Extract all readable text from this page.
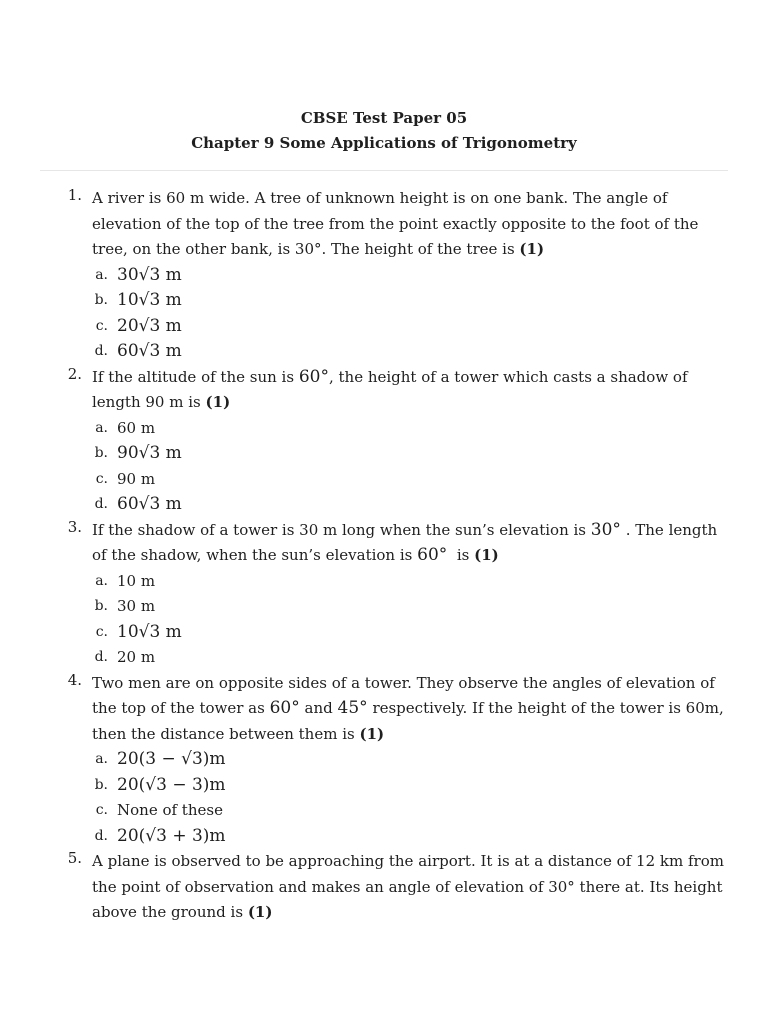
CBSE Test Paper 05
Chapter 9 Some Applications of Trigonometry
1. A river is 60 m wide. A tree of unknown height is on one bank. The angle of elevation of the top of the tree from the point exactly opposite to the foot of the tree, on the other bank, is 30°. The height of the tree is (1)
a. 30√3 m
b. 10√3 m
c. 20√3 m
d. 60√3 m
2. If the altitude of the sun is 60°, the height of a tower which casts a shadow of length 90 m is (1)
a. 60 m
b. 90√3 m
c. 90 m
d. 60√3 m
3. If the shadow of a tower is 30 m long when the sun’s elevation is 30° . The length of the shadow, when the sun’s elevation is 60° is (1)
a. 10 m
b. 30 m
c. 10√3 m
d. 20 m
4. Two men are on opposite sides of a tower. They observe the angles of elevation of the top of the tower as 60° and 45° respectively. If the height of the tower is 60m, then the distance between them is (1)
a. 20(3 − √3)m
b. 20(√3 − 3)m
c. None of these
d. 20(√3 + 3)m
5. A plane is observed to be approaching the airport. It is at a distance of 12 km from the point of observation and makes an angle of elevation of 30° there at. Its height above the ground is (1)
